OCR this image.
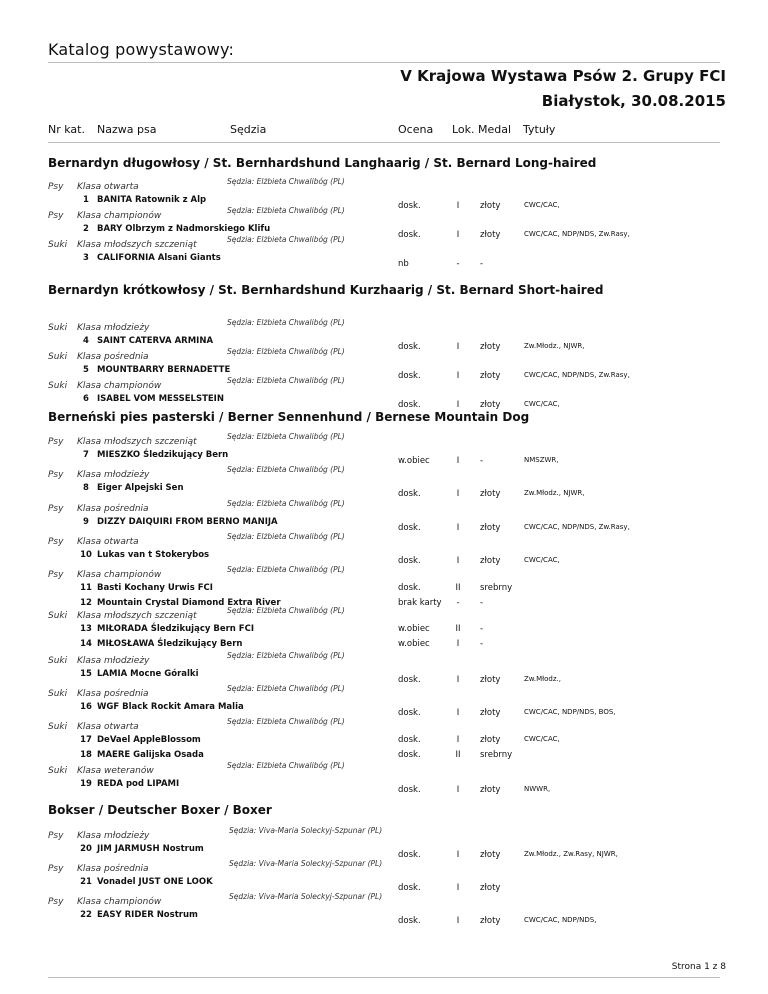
Katalog powystawowy:
V Krajowa Wystawa Psów 2. Grupy FCI
Białystok, 30.08.2015
Nr kat. Nazwa psa	Sędzia	Ocena Lok. Medal Tytuły
Bernardyn długowłosy / St. Bernhardshund Langhaarig / St. Bernard Long-haired
Psy Klasa otwarta
Sędzia: Elżbieta Chwalibóg (PL)
1 BANITA Ratownik z Alp
dosk.	I	złoty	CWC/CAC,
Psy Klasa championów
Sędzia: Elżbieta Chwalibóg (PL)
2 BARY Olbrzym z Nadmorskiego Klifu
dosk.	I	złoty	CWC/CAC, NDP/NDS, Zw.Rasy,
Suki Klasa młodszych szczeniąt
Sędzia: Elżbieta Chwalibóg (PL)
3 CALIFORNIA Alsani Giants
nb	-	-
Bernardyn krótkowłosy / St. Bernhardshund Kurzhaarig / St. Bernard Short-haired
Suki Klasa młodzieży
Sędzia: Elżbieta Chwalibóg (PL)
4 SAINT CATERVA ARMINA
dosk.	I	złoty	Zw.Młodz., NJWR,
Suki Klasa pośrednia
Sędzia: Elżbieta Chwalibóg (PL)
5 MOUNTBARRY BERNADETTE
dosk.	I	złoty	CWC/CAC, NDP/NDS, Zw.Rasy,
Suki Klasa championów
Sędzia: Elżbieta Chwalibóg (PL)
6 ISABEL VOM MESSELSTEIN
dosk.	I	złoty	CWC/CAC,
Berneński pies pasterski / Berner Sennenhund / Bernese Mountain Dog
Psy Klasa młodszych szczeniąt
Sędzia: Elżbieta Chwalibóg (PL)
7 MIESZKO Śledzikujący Bern
w.obiec	I	-	NMSZWR,
Psy Klasa młodzieży
Sędzia: Elżbieta Chwalibóg (PL)
8 Eiger Alpejski Sen
dosk.	I	złoty	Zw.Młodz., NJWR,
Psy Klasa pośrednia
Sędzia: Elżbieta Chwalibóg (PL)
9 DIZZY DAIQUIRI FROM BERNO MANIJA
dosk.	I	złoty	CWC/CAC, NDP/NDS, Zw.Rasy,
Psy Klasa otwarta
Sędzia: Elżbieta Chwalibóg (PL)
10 Lukas van t Stokerybos
dosk.	I	złoty	CWC/CAC,
Psy Klasa championów
Sędzia: Elżbieta Chwalibóg (PL)
11 Basti Kochany Urwis FCI	dosk.	II	srebrny
12 Mountain Crystal Diamond Extra River	brak karty	-	-
Suki Klasa młodszych szczeniąt
Sędzia: Elżbieta Chwalibóg (PL)
13 MIŁORADA Śledzikujący Bern FCI	w.obiec	II	-
14 MIŁOSŁAWA Śledzikujący Bern	w.obiec	I	-
Suki Klasa młodzieży
Sędzia: Elżbieta Chwalibóg (PL)
15 LAMIA Mocne Góralki
dosk.	I	złoty	Zw.Młodz.,
Suki Klasa pośrednia
Sędzia: Elżbieta Chwalibóg (PL)
16 WGF Black Rockit Amara Malia
dosk.	I	złoty	CWC/CAC, NDP/NDS, BOS,
Suki Klasa otwarta
Sędzia: Elżbieta Chwalibóg (PL)
17 DeVael AppleBlossom	dosk.	I	złoty	CWC/CAC,
18 MAERE Galijska Osada	dosk.	II	srebrny
Suki Klasa weteranów
Sędzia: Elżbieta Chwalibóg (PL)
19 REDA pod LIPAMI
dosk.	I	złoty	NWWR,
Bokser / Deutscher Boxer / Boxer
Psy Klasa młodzieży
Sędzia: Viva-Maria Soleckyj-Szpunar (PL)
20 JIM JARMUSH Nostrum
dosk.	I	złoty	Zw.Młodz., Zw.Rasy, NJWR,
Psy Klasa pośrednia
Sędzia: Viva-Maria Soleckyj-Szpunar (PL)
21 Vonadel JUST ONE LOOK
dosk.	I	złoty
Psy Klasa championów
Sędzia: Viva-Maria Soleckyj-Szpunar (PL)
22 EASY RIDER Nostrum
dosk.	I	złoty	CWC/CAC, NDP/NDS,
Strona 1 z 8
